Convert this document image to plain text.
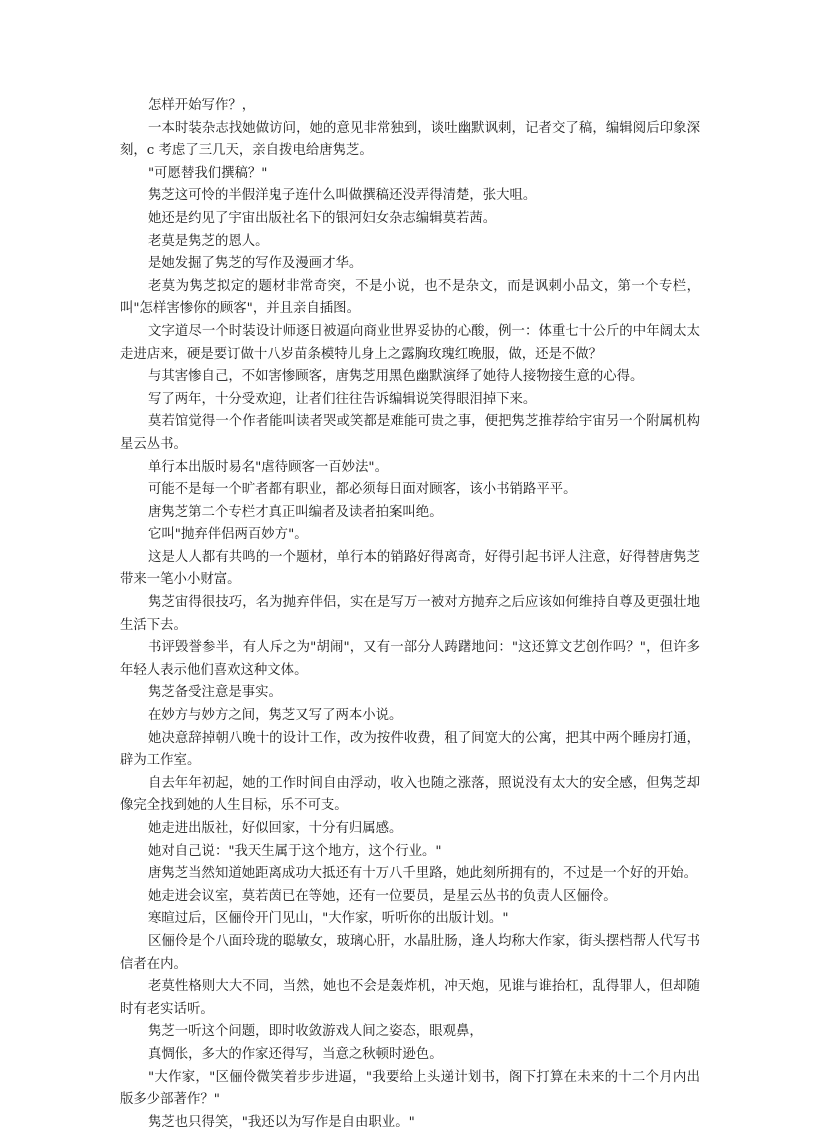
怎样开始写作？，

一本时装杂志找她做访问，她的意见非常独到，谈吐幽默讽刺，记者交了稿，编辑阅后印象深刻，c 考虑了三几天，亲自拨电给唐隽芝。

"可愿替我们撰稿？"

隽芝这可怜的半假洋鬼子连什么叫做撰稿还没弄得清楚，张大咀。

她还是约见了宇宙出版社名下的银河妇女杂志编辑莫若茜。

老莫是隽芝的恩人。

是她发掘了隽芝的写作及漫画才华。

老莫为隽芝拟定的题材非常奇突，不是小说，也不是杂文，而是讽刺小品文，第一个专栏，叫"怎样害惨你的顾客"，并且亲自插图。

文字道尽一个时装设计师逐日被逼向商业世界妥协的心酸，例一：体重七十公斤的中年阔太太走进店来，硬是要订做十八岁苗条模特儿身上之露胸玫瑰红晚服，做，还是不做？

与其害惨自己，不如害惨顾客，唐隽芝用黑色幽默演绎了她待人接物接生意的心得。

写了两年，十分受欢迎，让者们往往告诉编辑说笑得眼泪掉下来。

莫若馆觉得一个作者能叫读者哭或笑都是难能可贵之事，便把隽芝推荐给宇宙另一个附属机构星云丛书。

单行本出版时易名"虐待顾客一百妙法"。

可能不是每一个旷者都有职业，都必须每日面对顾客，该小书销路平平。

唐隽芝第二个专栏才真正叫编者及读者拍案叫绝。

它叫"抛弃伴侣两百妙方"。

这是人人都有共鸣的一个题材，单行本的销路好得离奇，好得引起书评人注意，好得替唐隽芝带来一笔小小财富。

隽芝宙得很技巧，名为抛弃伴侣，实在是写万一被对方抛弃之后应该如何维持自尊及更强壮地生活下去。

书评毁誉参半，有人斥之为"胡闹"，又有一部分人踌躇地问："这还算文艺创作吗？"，但许多年轻人表示他们喜欢这种文体。

隽芝备受注意是事实。

在妙方与妙方之间，隽芝又写了两本小说。

她决意辞掉朝八晚十的设计工作，改为按件收费，租了间宽大的公寓，把其中两个睡房打通，辟为工作室。

自去年年初起，她的工作时间自由浮动，收入也随之涨落，照说没有太大的安全感，但隽芝却像完全找到她的人生目标，乐不可支。

她走进出版社，好似回家，十分有归属感。

她对自己说："我天生属于这个地方，这个行业。"

唐隽芝当然知道她距离成功大抵还有十万八千里路，她此刻所拥有的，不过是一个好的开始。

她走进会议室，莫若茵已在等她，还有一位要员，是星云丛书的负责人区俪伶。

寒暄过后，区俪伶开门见山，"大作家，听听你的出版计划。"

区俪伶是个八面玲珑的聪敏女，玻璃心肝，水晶肚肠，逢人均称大作家，街头摆档帮人代写书信者在内。

老莫性格则大大不同，当然，她也不会是轰炸机，冲天炮，见谁与谁抬杠，乱得罪人，但却随时有老实话听。

隽芝一听这个问题，即时收敛游戏人间之姿态，眼观鼻，

真惆伥，多大的作家还得写，当意之秋顿时逊色。

"大作家，"区俪伶微笑着步步进逼，"我要给上头递计划书，阁下打算在未来的十二个月内出版多少部著作？"

隽芝也只得笑，"我还以为写作是自由职业。"
